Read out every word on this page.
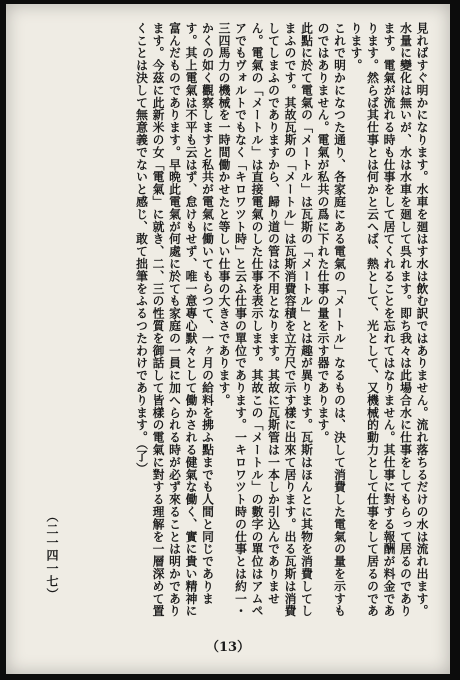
見ればすぐ明かになります。水車を廻はす水は飲む訳ではありません。流れ落ちるだけの水は流れ出ます。水量に變化は無いが、水は水車を廻して呉れます。即ち我々は此場合水に仕事をしてもらって居るのであります。電氣が流れる時も仕事をして居てくれることを忘れてはなりません。其仕事に對する報酬が料金であります。然らば其仕事とは何かと云へば、熱として、光として、又機械的動力として仕事をして居るのであります。

これで明かになつた通り、各家庭にある電氣の「メートル」なるものは、決して消費した電氣の量を示すものではありません。電氣が私共の爲に下れた仕事の量を示す器であります。

此點に於て電氣の「メートル」は瓦斯の「メートル」とは趣が異ります。瓦斯はほんとに其物を消費してしまふのです。其故瓦斯の「メートル」は瓦斯消費容積を立方尺で示す樣に出來て居ります。出る瓦斯は消費してしまふのでありますから、歸り道の管は不用となります。其故に瓦斯管は一本しか引込んでありません。電氣の「メートル」は直接電氣のした仕事を表示します。其故この「メートル」の數字の單位はアムペアでもヴォルトでもなく「キロワツト時」と云ふ仕事の單位であります。一キロワツト時の仕事とは約一・三四馬力の機械を一時間働かせたと等しい仕事の大きさであります。

かくの如く觀察しますと私共が電氣に働いてもらつて、一ヶ月の給料を拂ふ點までも人間と同じであります。其上電氣は不平も云はず、怠けもせず、唯一意專心默々として働かされる健氣な働く、實に貴い精神に富んだものであります。早晩此電氣が何處に於ても家庭の一員に加へられる時が必ず來ることは明かであります。今茲に此新米の女「電氣」に就き、二、三の性質を御話して皆樣の電氣に對する理解を一層深めて置くことは決して無意義でないと感じ、敢て拙筆をふるつたわけであります。（了）

（二一四一七）
（13）
